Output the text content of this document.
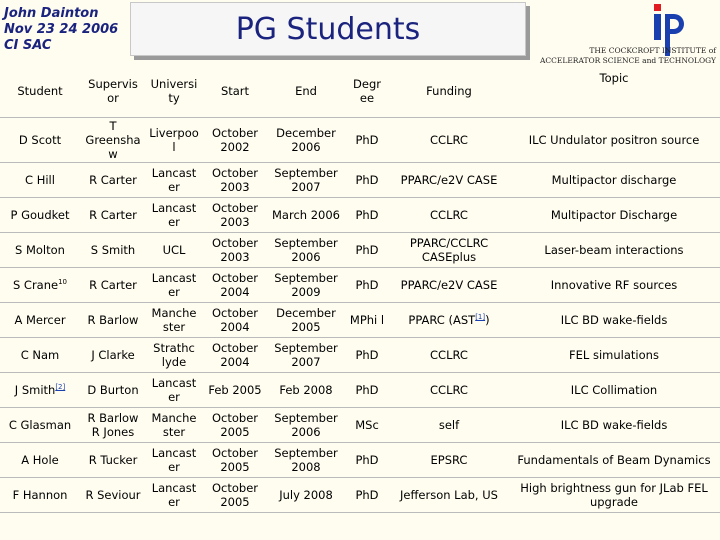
John Dainton
Nov 23 24 2006
CI SAC	PG Students
THE COCKCROFT INSTITUTE of
ACCELERATOR SCIENCE and TECHNOLOGY
Student	Supervis or	Universi ty	Start	End	Degr ee	Funding	Topic
D Scott	T Greensha w	Liverpoo l	October 2002	December 2006	PhD	CCLRC	ILC Undulator positron source
C Hill	R Carter	Lancast er	October 2003	September 2007	PhD	PPARC/e2V CASE	Multipactor discharge
P Goudket	R Carter	Lancast er	October 2003	March 2006	PhD	CCLRC	Multipactor Discharge
S Molton	S Smith	UCL	October 2003	September 2006	PhD	PPARC/CCLRC CASEplus	Laser-beam interactions
S Crane$^{10}$	R Carter	Lancast er	October 2004	September 2009	PhD	PPARC/e2V CASE	Innovative RF sources
A Mercer	R Barlow	Manche ster	October 2004	December 2005	MPhi l	PPARC (AST[1])	ILC BD wake-fields
C Nam	J Clarke	Strathc lyde	October 2004	September 2007	PhD	CCLRC	FEL simulations
J Smith[2]	D Burton	Lancast er	Feb 2005	Feb 2008	PhD	CCLRC	ILC Collimation
C Glasman	R Barlow R Jones	Manche ster	October 2005	September 2006	MSc	self	ILC BD wake-fields
A Hole	R Tucker	Lancast er	October 2005	September 2008	PhD	EPSRC	Fundamentals of Beam Dynamics
F Hannon	R Seviour	Lancast er	October 2005	July 2008	PhD	Jefferson Lab, US	High brightness gun for JLab FEL upgrade
